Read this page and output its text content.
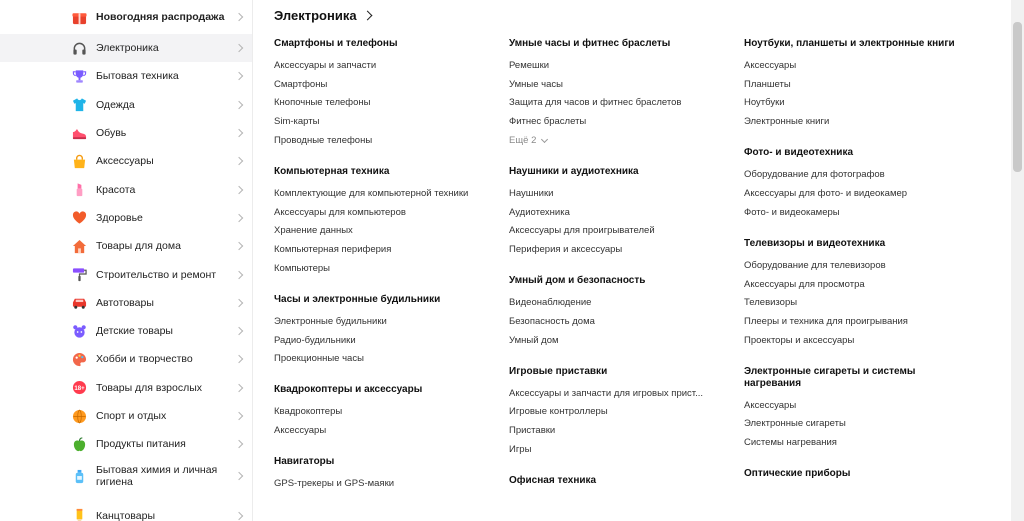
Новогодняя распродажа
Электроника
Бытовая техника
Одежда
Обувь
Аксессуары
Красота
Здоровье
Товары для дома
Строительство и ремонт
Автотовары
Детские товары
Хобби и творчество
18+ Товары для взрослых
Спорт и отдых
Продукты питания
Бытовая химия и личная гигиена
Канцтовары
Электроника
Смартфоны и телефоны
Аксессуары и запчасти
Смартфоны
Кнопочные телефоны
Sim-карты
Проводные телефоны
Компьютерная техника
Комплектующие для компьютерной техники
Аксессуары для компьютеров
Хранение данных
Компьютерная периферия
Компьютеры
Часы и электронные будильники
Электронные будильники
Радио-будильники
Проекционные часы
Квадрокоптеры и аксессуары
Квадрокоптеры
Аксессуары
Навигаторы
GPS-трекеры и GPS-маяки
Умные часы и фитнес браслеты
Ремешки
Умные часы
Защита для часов и фитнес браслетов
Фитнес браслеты
Ещё 2
Наушники и аудиотехника
Наушники
Аудиотехника
Аксессуары для проигрывателей
Периферия и аксессуары
Умный дом и безопасность
Видеонаблюдение
Безопасность дома
Умный дом
Игровые приставки
Аксессуары и запчасти для игровых прист...
Игровые контроллеры
Приставки
Игры
Офисная техника
Ноутбуки, планшеты и электронные книги
Аксессуары
Планшеты
Ноутбуки
Электронные книги
Фото- и видеотехника
Оборудование для фотографов
Аксессуары для фото- и видеокамер
Фото- и видеокамеры
Телевизоры и видеотехника
Оборудование для телевизоров
Аксессуары для просмотра
Телевизоры
Плееры и техника для проигрывания
Проекторы и аксессуары
Электронные сигареты и системы нагревания
Аксессуары
Электронные сигареты
Системы нагревания
Оптические приборы
